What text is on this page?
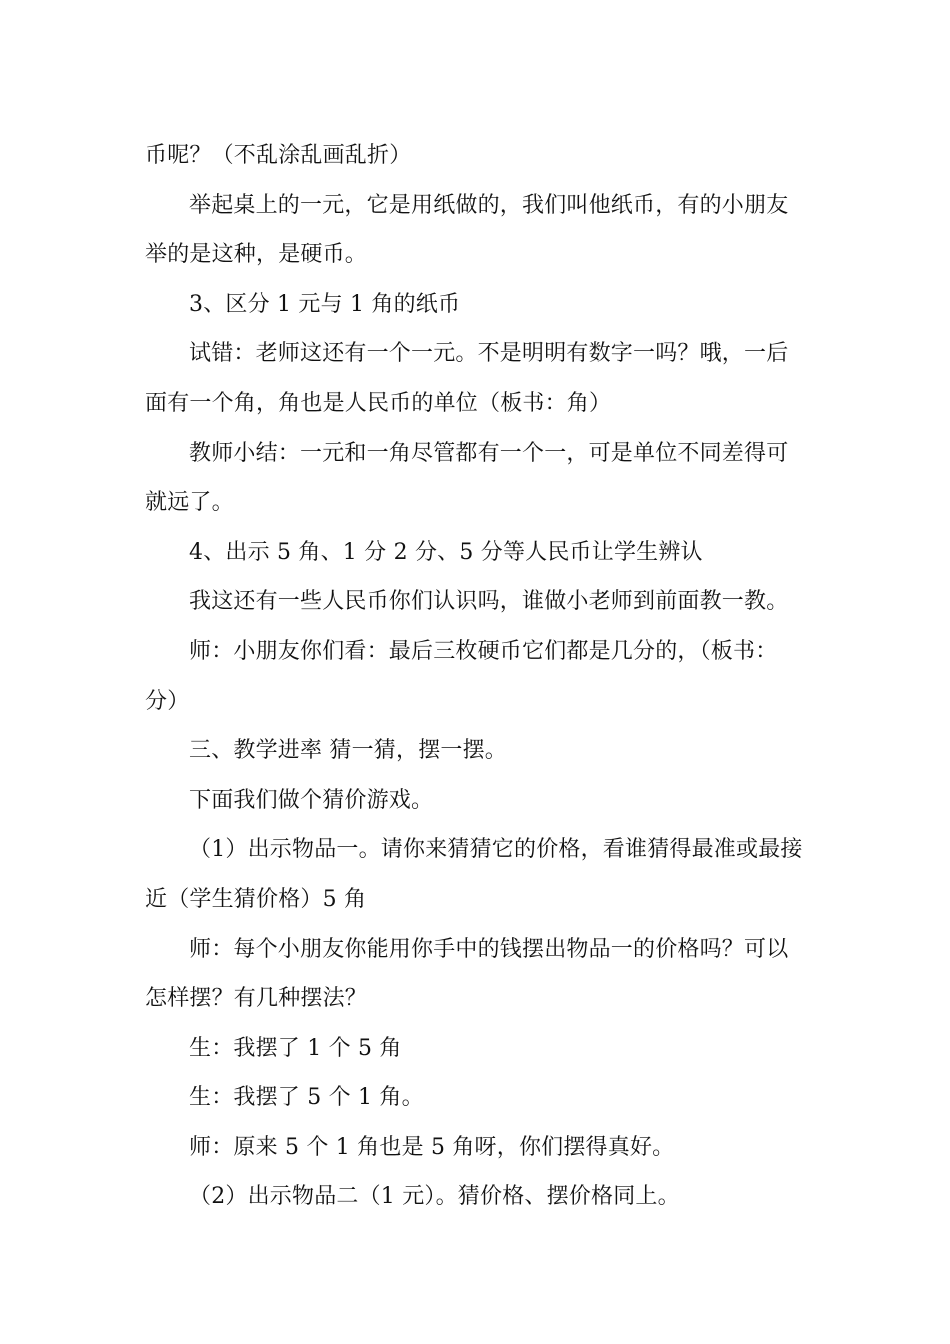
币呢？（不乱涂乱画乱折）
举起桌上的一元，它是用纸做的，我们叫他纸币，有的小朋友
举的是这种，是硬币。
3、区分 1 元与 1 角的纸币
试错：老师这还有一个一元。不是明明有数字一吗？哦，一后
面有一个角，角也是人民币的单位（板书：角）
教师小结：一元和一角尽管都有一个一，可是单位不同差得可
就远了。
4、出示 5 角、1 分 2 分、5 分等人民币让学生辨认
我这还有一些人民币你们认识吗，谁做小老师到前面教一教。
师：小朋友你们看：最后三枚硬币它们都是几分的，（板书：
分）
三、教学进率 猜一猜，摆一摆。
下面我们做个猜价游戏。
（1）出示物品一。请你来猜猜它的价格，看谁猜得最准或最接
近（学生猜价格）5 角
师：每个小朋友你能用你手中的钱摆出物品一的价格吗？可以
怎样摆？有几种摆法？
生：我摆了 1 个 5 角
生：我摆了 5 个 1 角。
师：原来 5 个 1 角也是 5 角呀，你们摆得真好。
（2）出示物品二（1 元）。猜价格、摆价格同上。
